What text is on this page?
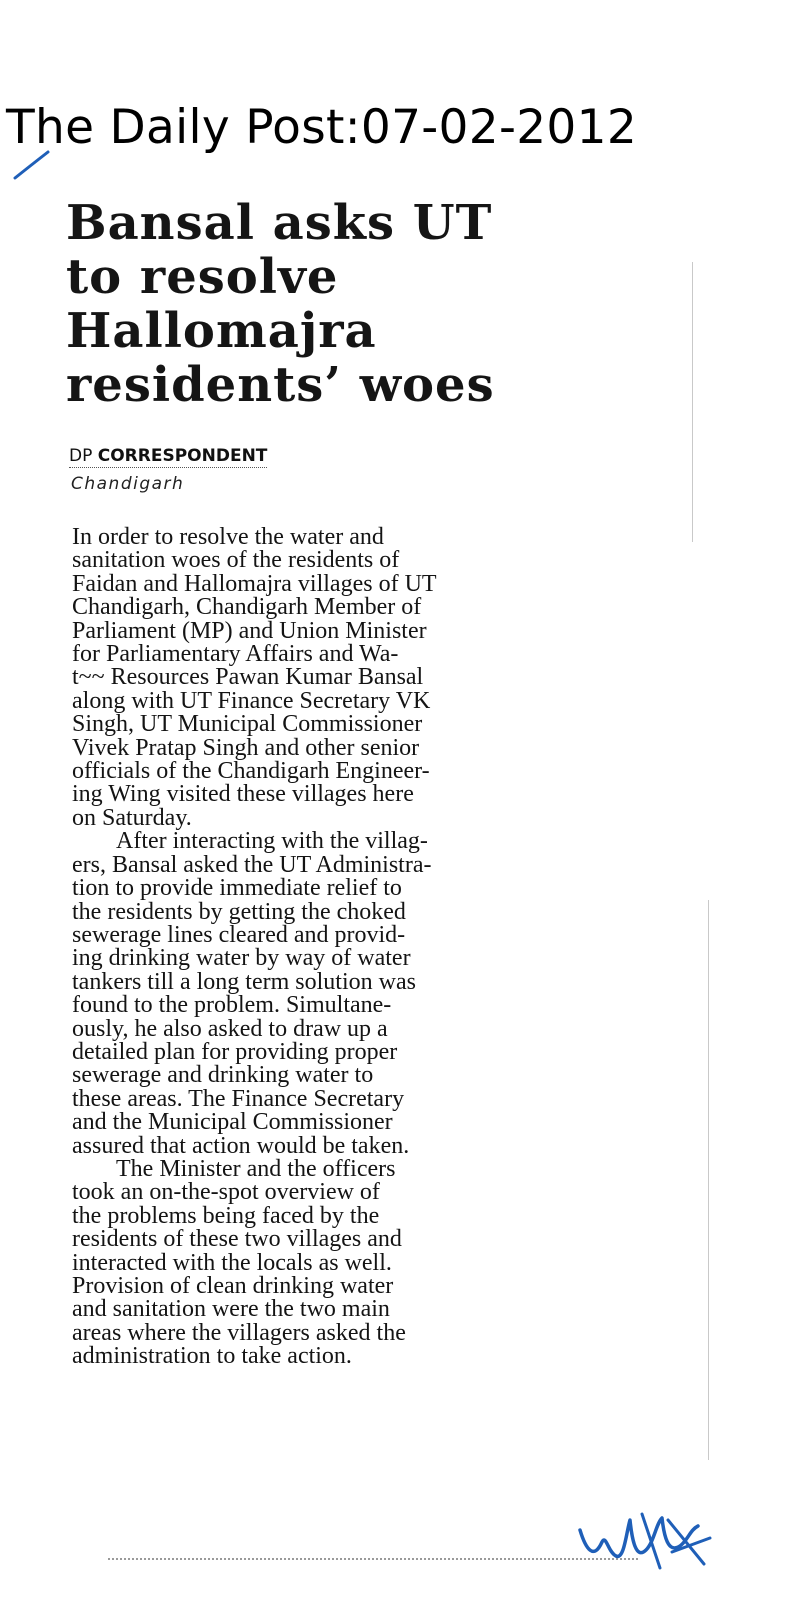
The Daily Post:07-02-2012
Bansal asks UT
to resolve
Hallomajra
residents’ woes
DP CORRESPONDENT
Chandigarh
In order to resolve the water and
sanitation woes of the residents of
Faidan and Hallomajra villages of UT
Chandigarh, Chandigarh Member of
Parliament (MP) and Union Minister
for Parliamentary Affairs and Wa-
t~~ Resources Pawan Kumar Bansal
along with UT Finance Secretary VK
Singh, UT Municipal Commissioner
Vivek Pratap Singh and other senior
officials of the Chandigarh Engineer-
ing Wing visited these villages here
on Saturday.
After interacting with the villag-
ers, Bansal asked the UT Administra-
tion to provide immediate relief to
the residents by getting the choked
sewerage lines cleared and provid-
ing drinking water by way of water
tankers till a long term solution was
found to the problem. Simultane-
ously, he also asked to draw up a
detailed plan for providing proper
sewerage and drinking water to
these areas. The Finance Secretary
and the Municipal Commissioner
assured that action would be taken.
The Minister and the officers
took an on-the-spot overview of
the problems being faced by the
residents of these two villages and
interacted with the locals as well.
Provision of clean drinking water
and sanitation were the two main
areas where the villagers asked the
administration to take action.
